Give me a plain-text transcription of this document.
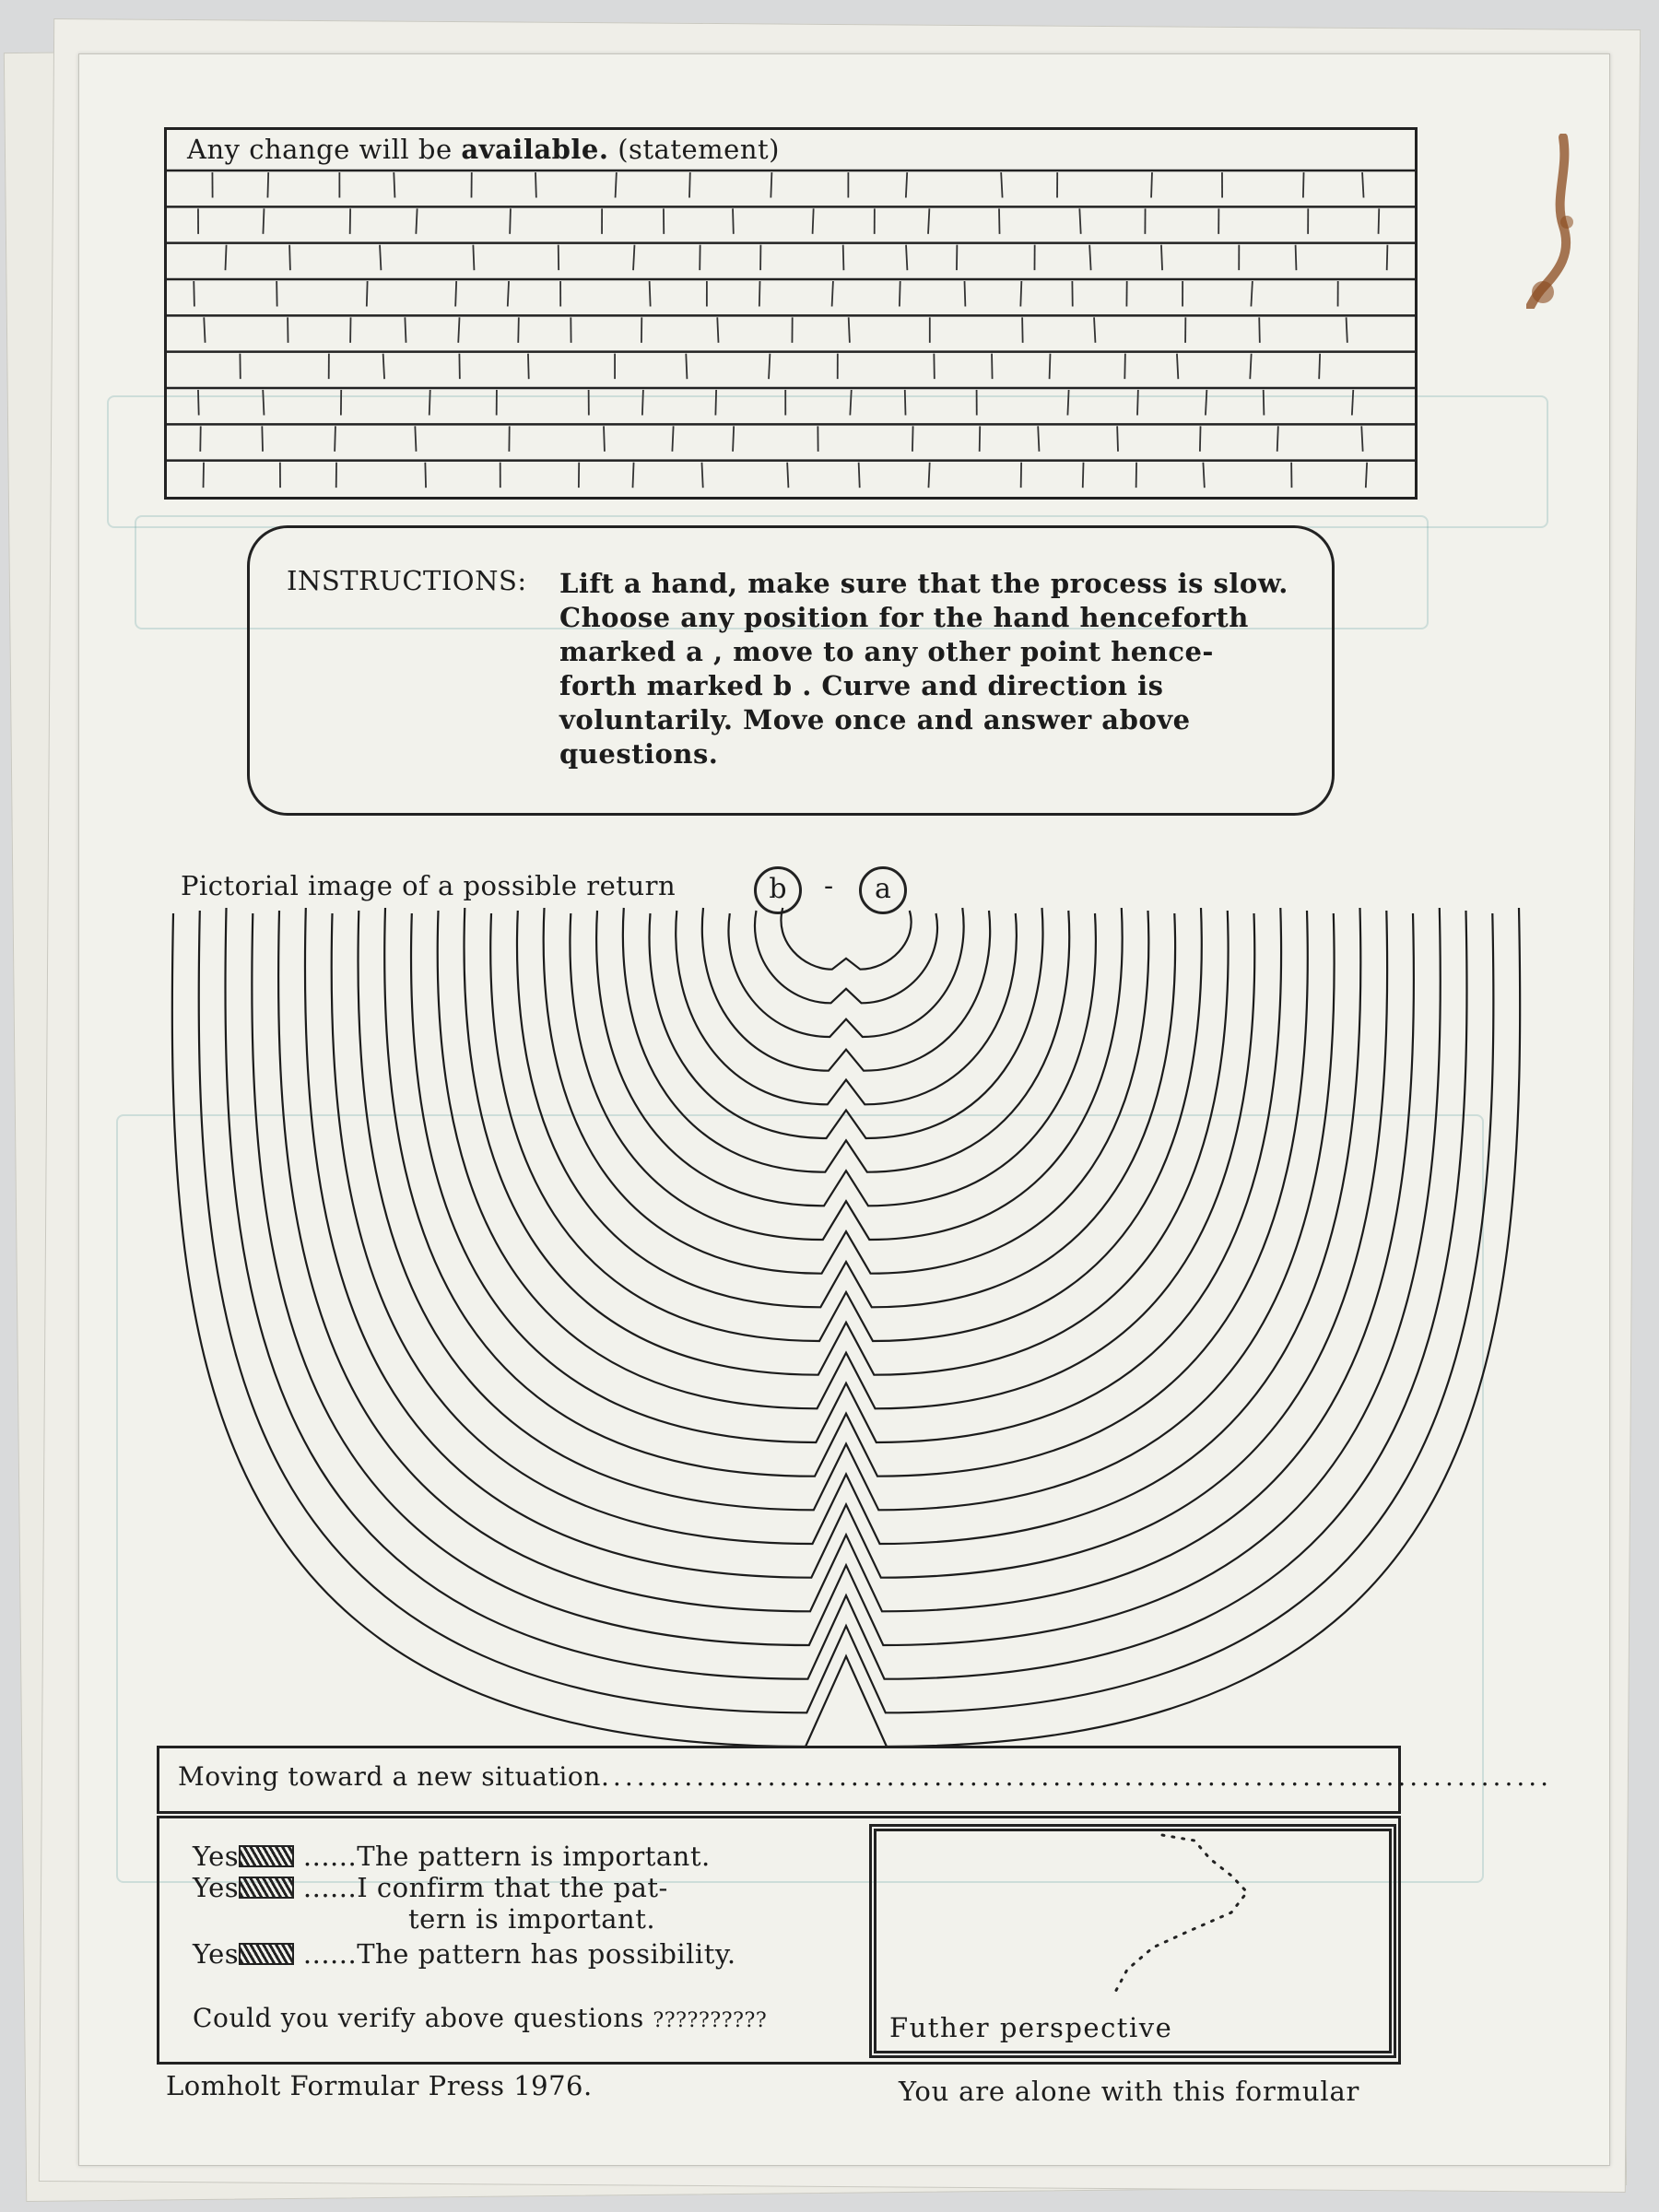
Any change will be available. (statement)
INSTRUCTIONS: Lift a hand, make sure that the process is slow.
Choose any position for the hand henceforth
marked a , move to any other point hence-
forth marked b . Curve and direction is
voluntarily. Move once and answer above
questions.
Pictorial image of a possible return	b	-	a
Moving toward a new situation................................................................................
Yes ......The pattern is important.
Yes ......I confirm that the pat-
tern is important.
Yes ......The pattern has possibility.
Could you verify above questions ??????????	Futher perspective
Lomholt Formular Press 1976.	You are alone with this formular
